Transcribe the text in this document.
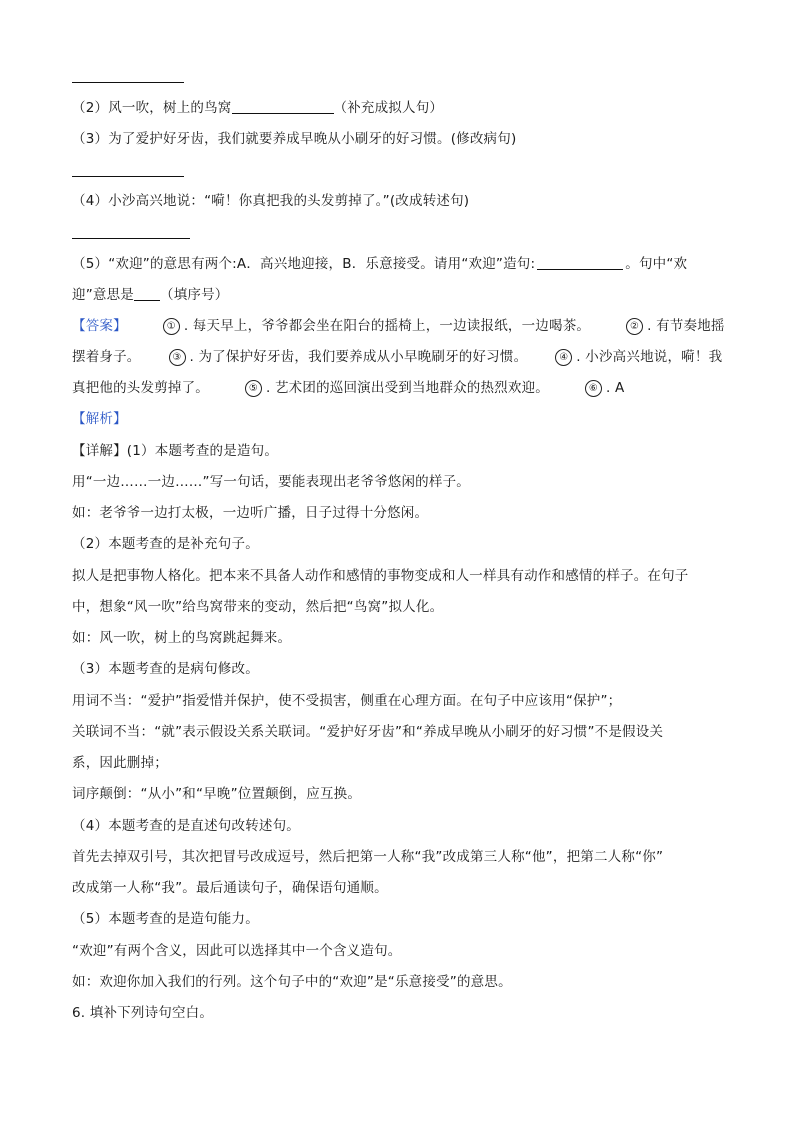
（2）风一吹，树上的鸟窝	（补充成拟人句）
（3）为了爱护好牙齿，我们就要养成早晚从小刷牙的好习惯。(修改病句)
（4）小沙高兴地说：“嗬！你真把我的头发剪掉了。”(改成转述句)
（5）“欢迎”的意思有两个:A．高兴地迎接，B．乐意接受。请用“欢迎”造句:	。句中“欢
迎”意思是 （填序号）
【答案】	① . 每天早上，爷爷都会坐在阳台的摇椅上，一边读报纸，一边喝茶。	② . 有节奏地摇
摆着身子。	③ . 为了保护好牙齿，我们要养成从小早晚刷牙的好习惯。	④ . 小沙高兴地说，嗬！我
真把他的头发剪掉了。	⑤ . 艺术团的巡回演出受到当地群众的热烈欢迎。	⑥ . A
【解析】
【详解】(1）本题考查的是造句。
用“一边……一边……”写一句话，要能表现出老爷爷悠闲的样子。
如：老爷爷一边打太极，一边听广播，日子过得十分悠闲。
（2）本题考查的是补充句子。
拟人是把事物人格化。把本来不具备人动作和感情的事物变成和人一样具有动作和感情的样子。在句子
中，想象“风一吹”给鸟窝带来的变动，然后把“鸟窝”拟人化。
如：风一吹，树上的鸟窝跳起舞来。
（3）本题考查的是病句修改。
用词不当：“爱护”指爱惜并保护，使不受损害，侧重在心理方面。在句子中应该用“保护”；
关联词不当：“就”表示假设关系关联词。“爱护好牙齿”和“养成早晚从小刷牙的好习惯”不是假设关
系，因此删掉；
词序颠倒：“从小”和“早晚”位置颠倒，应互换。
（4）本题考查的是直述句改转述句。
首先去掉双引号，其次把冒号改成逗号，然后把第一人称“我”改成第三人称“他”，把第二人称“你”
改成第一人称“我”。最后通读句子，确保语句通顺。
（5）本题考查的是造句能力。
“欢迎”有两个含义，因此可以选择其中一个含义造句。
如：欢迎你加入我们的行列。这个句子中的“欢迎”是“乐意接受”的意思。
6. 填补下列诗句空白。
